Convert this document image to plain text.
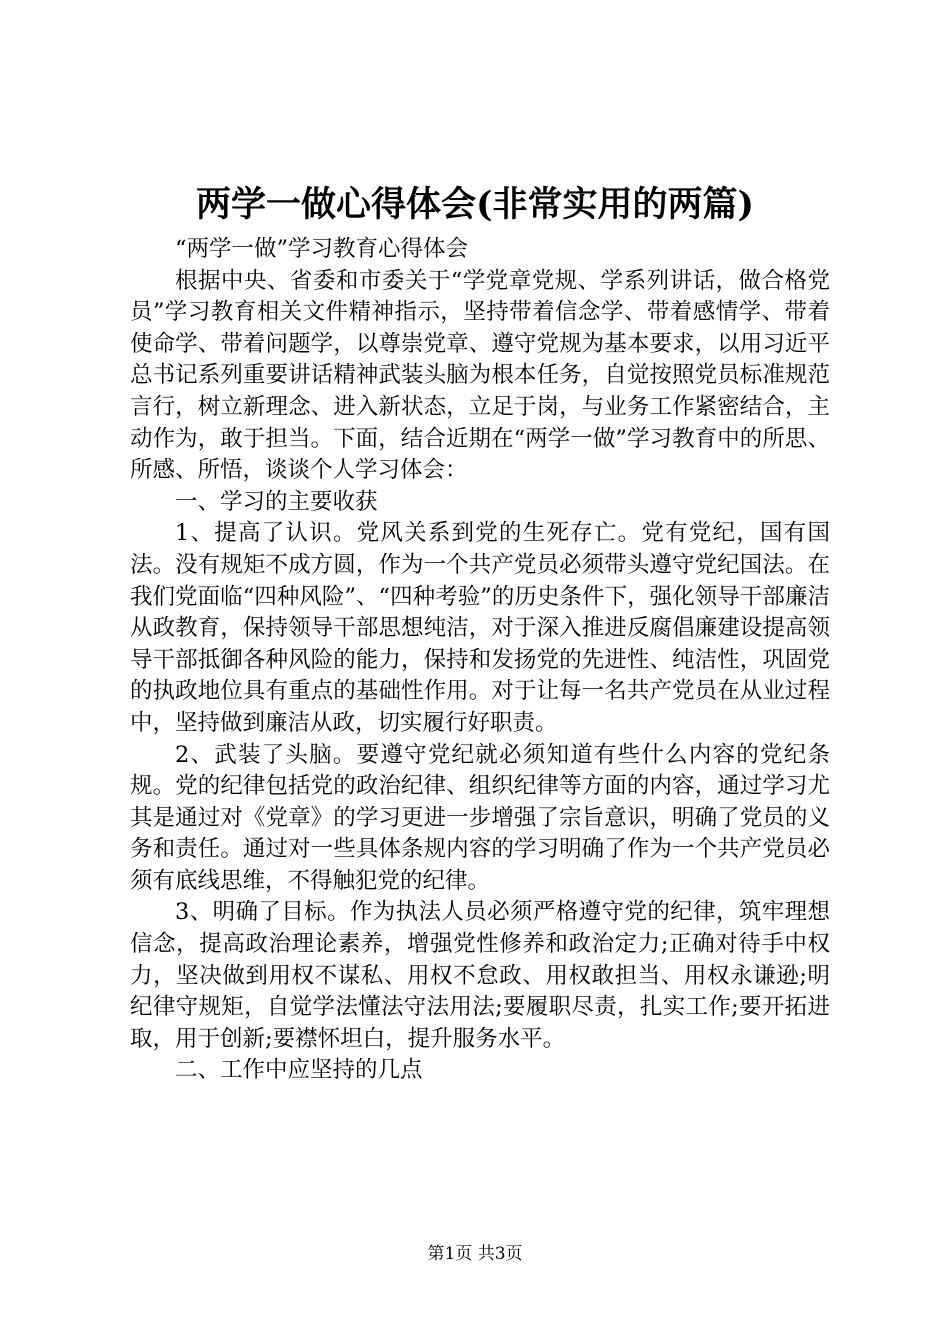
两学一做心得体会(非常实用的两篇)

“两学一做”学习教育心得体会

根据中央、省委和市委关于“学党章党规、学系列讲话，做合格党员”学习教育相关文件精神指示，坚持带着信念学、带着感情学、带着使命学、带着问题学，以尊崇党章、遵守党规为基本要求，以用习近平总书记系列重要讲话精神武装头脑为根本任务，自觉按照党员标准规范言行，树立新理念、进入新状态，立足于岗，与业务工作紧密结合，主动作为，敢于担当。下面，结合近期在“两学一做”学习教育中的所思、所感、所悟，谈谈个人学习体会：

一、学习的主要收获

1、提高了认识。党风关系到党的生死存亡。党有党纪，国有国法。没有规矩不成方圆，作为一个共产党员必须带头遵守党纪国法。在我们党面临“四种风险”、“四种考验”的历史条件下，强化领导干部廉洁从政教育，保持领导干部思想纯洁，对于深入推进反腐倡廉建设提高领导干部抵御各种风险的能力，保持和发扬党的先进性、纯洁性，巩固党的执政地位具有重点的基础性作用。对于让每一名共产党员在从业过程中，坚持做到廉洁从政，切实履行好职责。

2、武装了头脑。要遵守党纪就必须知道有些什么内容的党纪条规。党的纪律包括党的政治纪律、组织纪律等方面的内容，通过学习尤其是通过对《党章》的学习更进一步增强了宗旨意识，明确了党员的义务和责任。通过对一些具体条规内容的学习明确了作为一个共产党员必须有底线思维，不得触犯党的纪律。

3、明确了目标。作为执法人员必须严格遵守党的纪律，筑牢理想信念，提高政治理论素养，增强党性修养和政治定力;正确对待手中权力，坚决做到用权不谋私、用权不怠政、用权敢担当、用权永谦逊;明纪律守规矩，自觉学法懂法守法用法;要履职尽责，扎实工作;要开拓进取，用于创新;要襟怀坦白，提升服务水平。

二、工作中应坚持的几点

第1页 共3页
